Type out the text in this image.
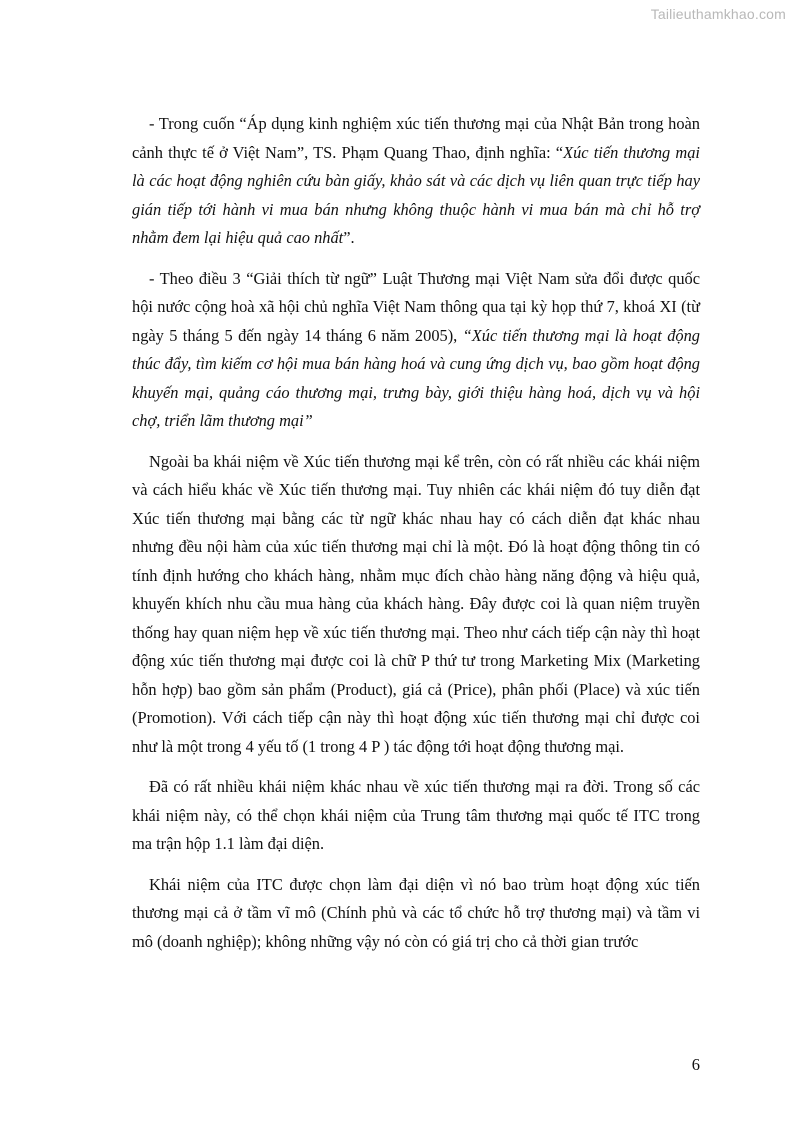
Tailieuthamkhao.com

- Trong cuốn “Áp dụng kinh nghiệm xúc tiến thương mại của Nhật Bản trong hoàn cảnh thực tế ở Việt Nam”, TS. Phạm Quang Thao, định nghĩa: “Xúc tiến thương mại là các hoạt động nghiên cứu bàn giấy, khảo sát và các dịch vụ liên quan trực tiếp hay gián tiếp tới hành vi mua bán nhưng không thuộc hành vi mua bán mà chỉ hỗ trợ nhằm đem lại hiệu quả cao nhất”.

- Theo điều 3 “Giải thích từ ngữ” Luật Thương mại Việt Nam sửa đổi được quốc hội nước cộng hoà xã hội chủ nghĩa Việt Nam thông qua tại kỳ họp thứ 7, khoá XI (từ ngày 5 tháng 5 đến ngày 14 tháng 6 năm 2005), “Xúc tiến thương mại là hoạt động thúc đẩy, tìm kiếm cơ hội mua bán hàng hoá và cung ứng dịch vụ, bao gồm hoạt động khuyến mại, quảng cáo thương mại, trưng bày, giới thiệu hàng hoá, dịch vụ và hội chợ, triển lãm thương mại”

Ngoài ba khái niệm về Xúc tiến thương mại kể trên, còn có rất nhiều các khái niệm và cách hiểu khác về Xúc tiến thương mại. Tuy nhiên các khái niệm đó tuy diễn đạt Xúc tiến thương mại bằng các từ ngữ khác nhau hay có cách diễn đạt khác nhau nhưng đều nội hàm của xúc tiến thương mại chỉ là một. Đó là hoạt động thông tin có tính định hướng cho khách hàng, nhằm mục đích chào hàng năng động và hiệu quả, khuyến khích nhu cầu mua hàng của khách hàng. Đây được coi là quan niệm truyền thống hay quan niệm hẹp về xúc tiến thương mại. Theo như cách tiếp cận này thì hoạt động xúc tiến thương mại được coi là chữ P thứ tư trong Marketing Mix (Marketing hỗn hợp) bao gồm sản phẩm (Product), giá cả (Price), phân phối (Place) và xúc tiến (Promotion). Với cách tiếp cận này thì hoạt động xúc tiến thương mại chỉ được coi như là một trong 4 yếu tố (1 trong 4 P ) tác động tới hoạt động thương mại.

Đã có rất nhiều khái niệm khác nhau về xúc tiến thương mại ra đời. Trong số các khái niệm này, có thể chọn khái niệm của Trung tâm thương mại quốc tế ITC trong ma trận hộp 1.1 làm đại diện.

Khái niệm của ITC được chọn làm đại diện vì nó bao trùm hoạt động xúc tiến thương mại cả ở tầm vĩ mô (Chính phủ và các tổ chức hỗ trợ thương mại) và tầm vi mô (doanh nghiệp); không những vậy nó còn có giá trị cho cả thời gian trước

6
